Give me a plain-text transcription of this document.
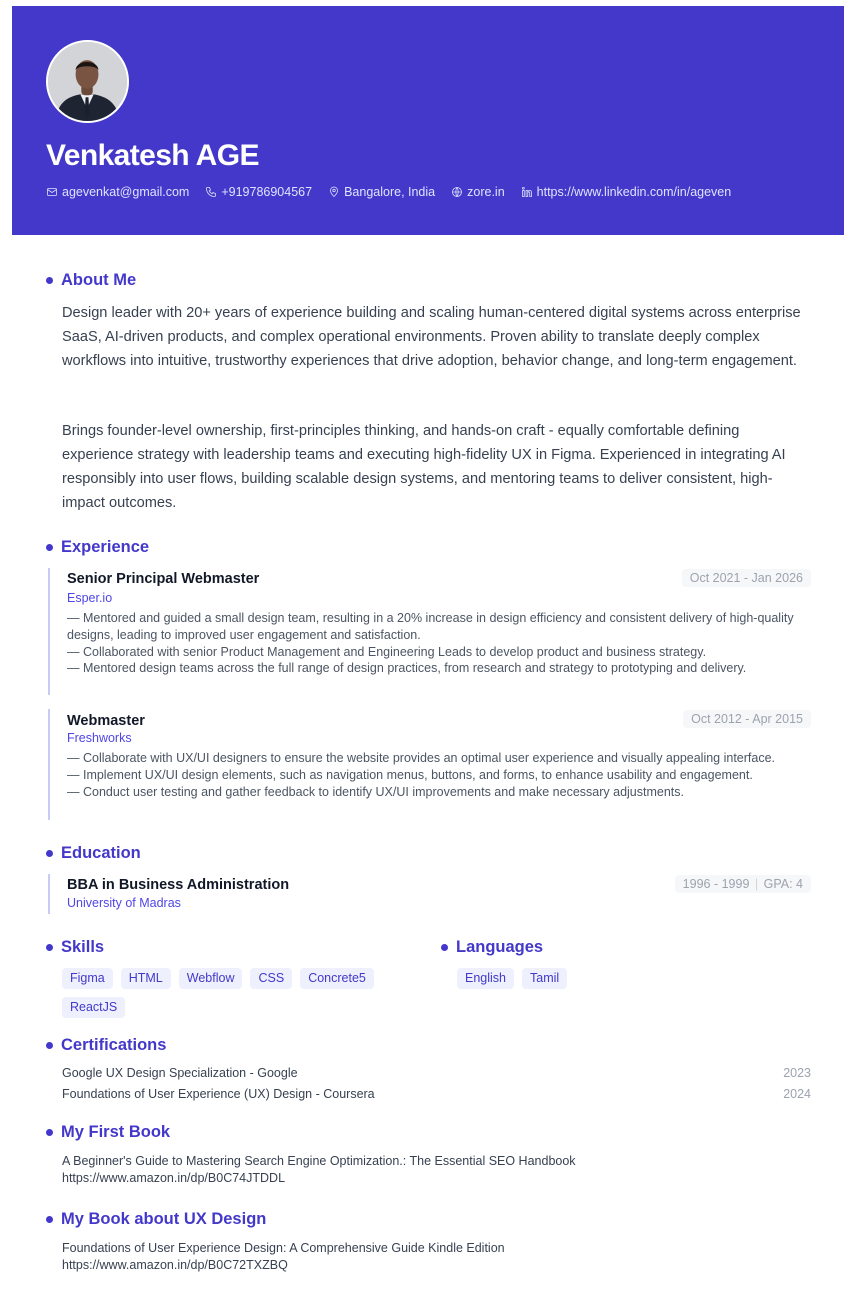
Venkatesh AGE
agevenkat@gmail.com	+919786904567	Bangalore, India	zore.in	https://www.linkedin.com/in/ageven
About Me

Design leader with 20+ years of experience building and scaling human-centered digital systems across enterprise SaaS, AI-driven products, and complex operational environments. Proven ability to translate deeply complex workflows into intuitive, trustworthy experiences that drive adoption, behavior change, and long-term engagement.

Brings founder-level ownership, first-principles thinking, and hands-on craft - equally comfortable defining experience strategy with leadership teams and executing high-fidelity UX in Figma. Experienced in integrating AI responsibly into user flows, building scalable design systems, and mentoring teams to deliver consistent, high-impact outcomes.

Experience
Senior Principal Webmaster
Esper.io
Oct 2021 - Jan 2026
— Mentored and guided a small design team, resulting in a 20% increase in design efficiency and consistent delivery of high-quality designs, leading to improved user engagement and satisfaction.
— Collaborated with senior Product Management and Engineering Leads to develop product and business strategy.
— Mentored design teams across the full range of design practices, from research and strategy to prototyping and delivery.
Webmaster
Freshworks
Oct 2012 - Apr 2015
— Collaborate with UX/UI designers to ensure the website provides an optimal user experience and visually appealing interface.
— Implement UX/UI design elements, such as navigation menus, buttons, and forms, to enhance usability and engagement.
— Conduct user testing and gather feedback to identify UX/UI improvements and make necessary adjustments.
Education
BBA in Business Administration
University of Madras
1996 - 1999 | GPA: 4
Skills
Figma	HTML	Webflow	CSS	Concrete5
ReactJS
Languages
English	Tamil
Certifications
Google UX Design Specialization - Google	2023
Foundations of User Experience (UX) Design - Coursera	2024
My First Book
A Beginner's Guide to Mastering Search Engine Optimization.: The Essential SEO Handbook
https://www.amazon.in/dp/B0C74JTDDL
My Book about UX Design
Foundations of User Experience Design: A Comprehensive Guide Kindle Edition
https://www.amazon.in/dp/B0C72TXZBQ
